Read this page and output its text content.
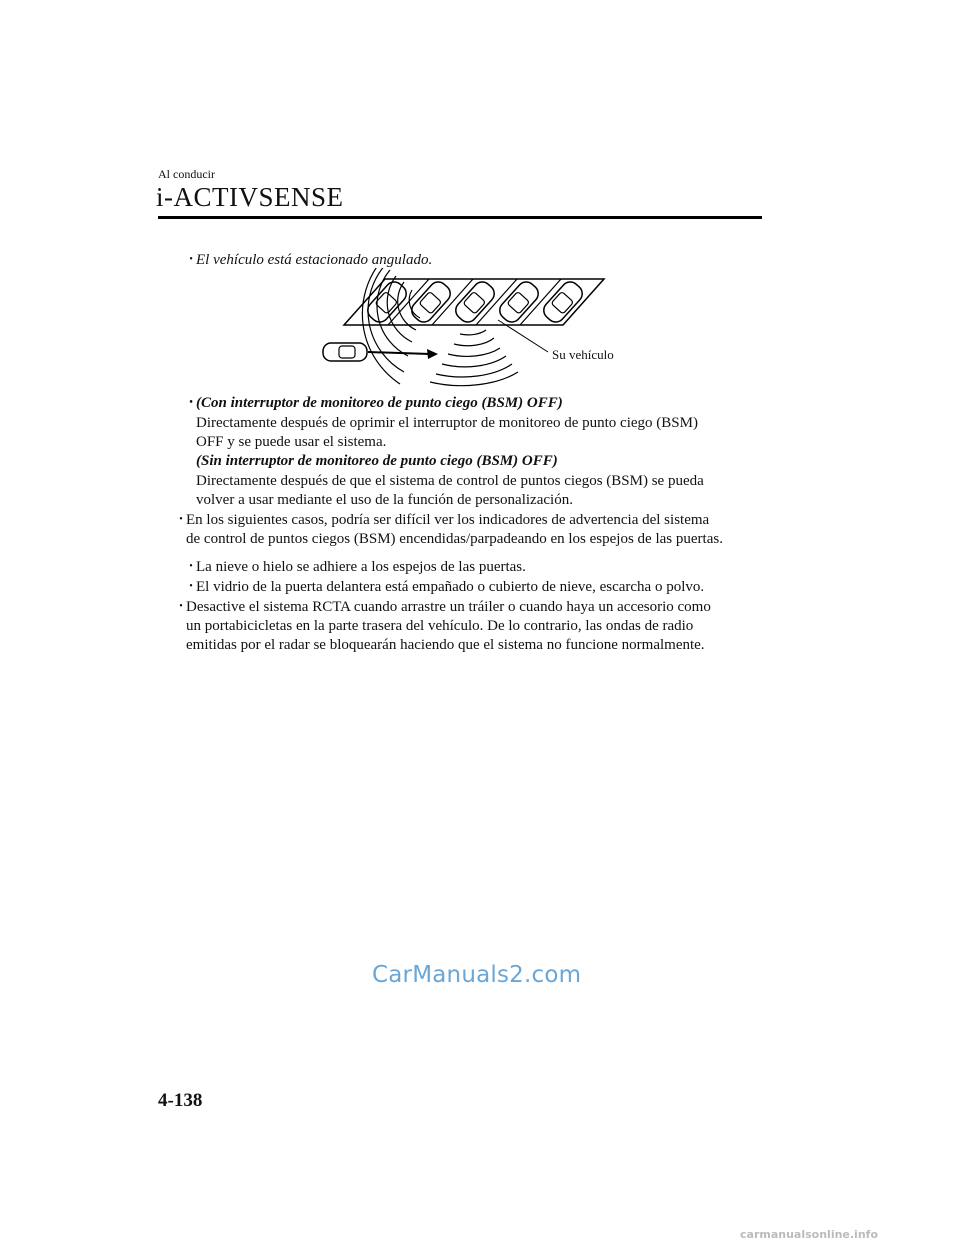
Al conducir
i-ACTIVSENSE
• El vehículo está estacionado angulado.
Su vehículo
• (Con interruptor de monitoreo de punto ciego (BSM) OFF)
Directamente después de oprimir el interruptor de monitoreo de punto ciego (BSM)
OFF y se puede usar el sistema.
(Sin interruptor de monitoreo de punto ciego (BSM) OFF)
Directamente después de que el sistema de control de puntos ciegos (BSM) se pueda
volver a usar mediante el uso de la función de personalización.
• En los siguientes casos, podría ser difícil ver los indicadores de advertencia del sistema
de control de puntos ciegos (BSM) encendidas/parpadeando en los espejos de las puertas.
• La nieve o hielo se adhiere a los espejos de las puertas.
• El vidrio de la puerta delantera está empañado o cubierto de nieve, escarcha o polvo.
• Desactive el sistema RCTA cuando arrastre un tráiler o cuando haya un accesorio como
un portabicicletas en la parte trasera del vehículo. De lo contrario, las ondas de radio
emitidas por el radar se bloquearán haciendo que el sistema no funcione normalmente.
CarManuals2.com
4-138
carmanualsonline.info
